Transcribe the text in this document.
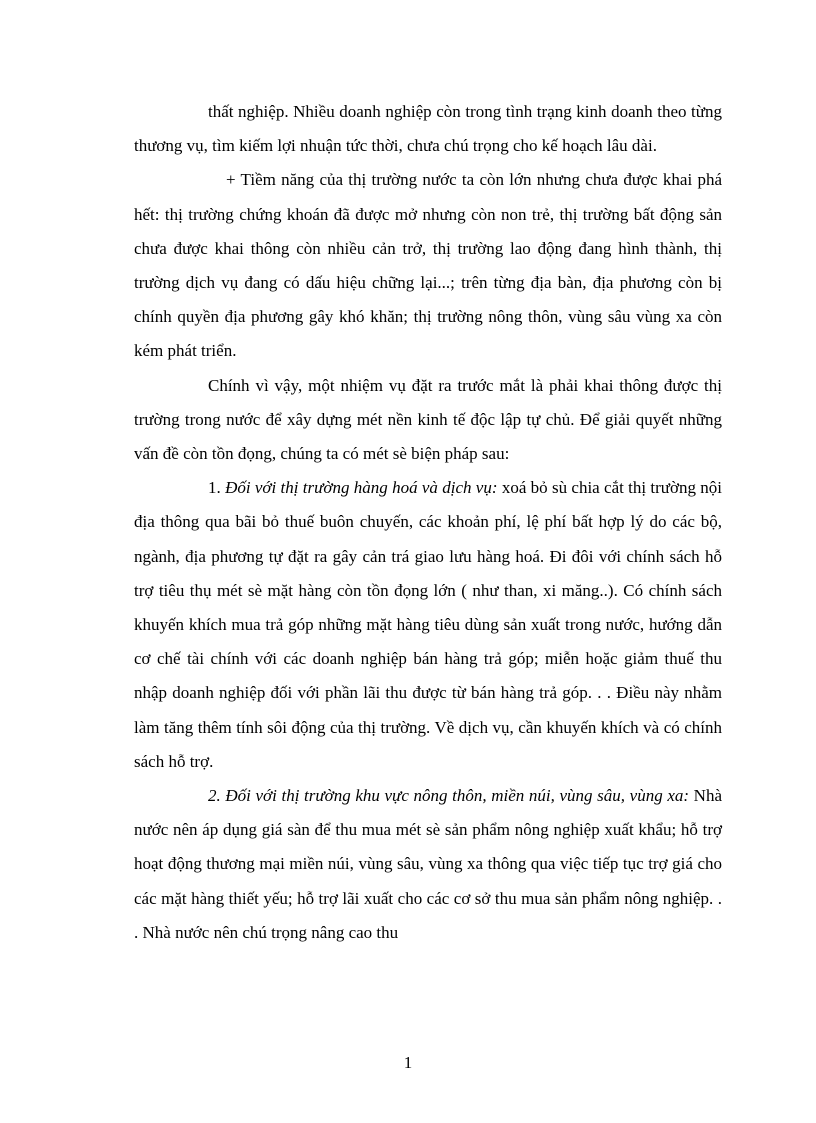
thất nghiệp. Nhiều doanh nghiệp còn trong tình trạng kinh doanh theo từng thương vụ, tìm kiếm lợi nhuận tức thời, chưa chú trọng cho kế hoạch lâu dài.

+ Tiềm năng của thị trường nước ta còn lớn nhưng chưa được khai phá hết: thị trường chứng khoán đã được mở nhưng còn non trẻ, thị trường bất động sản chưa được khai thông còn nhiều cản trở, thị trường lao động đang hình thành, thị trường dịch vụ đang có dấu hiệu chững lại...; trên từng địa bàn, địa phương còn bị chính quyền địa phương gây khó khăn; thị trường nông thôn, vùng sâu vùng xa còn kém phát triển.

Chính vì vậy, một nhiệm vụ đặt ra trước mắt là phải khai thông được thị trường trong nước để xây dựng mét nền kinh tế độc lập tự chủ. Để giải quyết những vấn đề còn tồn đọng, chúng ta có mét sè biện pháp sau:

1. Đối với thị trường hàng hoá và dịch vụ: xoá bỏ sù chia cắt thị trường nội địa thông qua bãi bỏ thuế buôn chuyến, các khoản phí, lệ phí bất hợp lý do các bộ, ngành, địa phương tự đặt ra gây cản trá giao lưu hàng hoá. Đi đôi với chính sách hỗ trợ tiêu thụ mét sè mặt hàng còn tồn đọng lớn ( như than, xi măng..). Có chính sách khuyến khích mua trả góp những mặt hàng tiêu dùng sản xuất trong nước, hướng dẫn cơ chế tài chính với các doanh nghiệp bán hàng trả góp; miễn hoặc giảm thuế thu nhập doanh nghiệp đối với phần lãi thu được từ bán hàng trả góp. . . Điều này nhằm làm tăng thêm tính sôi động của thị trường. Về dịch vụ, cần khuyến khích và có chính sách hỗ trợ.

2. Đối với thị trường khu vực nông thôn, miền núi, vùng sâu, vùng xa: Nhà nước nên áp dụng giá sàn để thu mua mét sè sản phẩm nông nghiệp xuất khẩu; hỗ trợ hoạt động thương mại miền núi, vùng sâu, vùng xa thông qua việc tiếp tục trợ giá cho các mặt hàng thiết yếu; hỗ trợ lãi xuất cho các cơ sở thu mua sản phẩm nông nghiệp. . . Nhà nước nên chú trọng nâng cao thu

1
